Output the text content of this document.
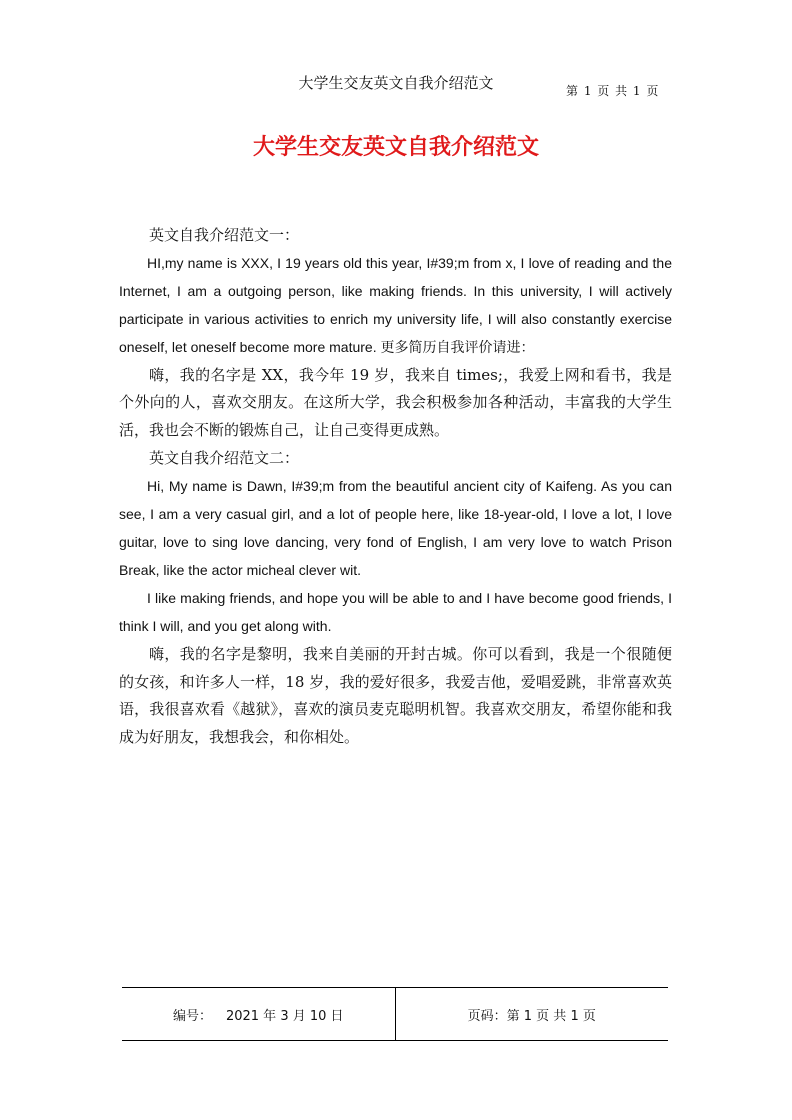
大学生交友英文自我介绍范文	第 1 页 共 1 页
大学生交友英文自我介绍范文

英文自我介绍范文一：

HI,my name is XXX, I 19 years old this year, I#39;m from x, I love of reading and the Internet, I am a outgoing person, like making friends. In this university, I will actively participate in various activities to enrich my university life, I will also constantly exercise oneself, let oneself become more mature. 更多简历自我评价请进：

嗨，我的名字是 XX，我今年 19 岁，我来自 times;，我爱上网和看书，我是个外向的人，喜欢交朋友。在这所大学，我会积极参加各种活动，丰富我的大学生活，我也会不断的锻炼自己，让自己变得更成熟。

英文自我介绍范文二：

Hi, My name is Dawn, I#39;m from the beautiful ancient city of Kaifeng. As you can see, I am a very casual girl, and a lot of people here, like 18-year-old, I love a lot, I love guitar, love to sing love dancing, very fond of English, I am very love to watch Prison Break, like the actor micheal clever wit.

I like making friends, and hope you will be able to and I have become good friends, I think I will, and you get along with.

嗨，我的名字是黎明，我来自美丽的开封古城。你可以看到，我是一个很随便的女孩，和许多人一样，18 岁，我的爱好很多，我爱吉他，爱唱爱跳，非常喜欢英语，我很喜欢看《越狱》，喜欢的演员麦克聪明机智。我喜欢交朋友，希望你能和我成为好朋友，我想我会，和你相处。

编号： 2021 年 3 月 10 日	页码：第 1 页 共 1 页
